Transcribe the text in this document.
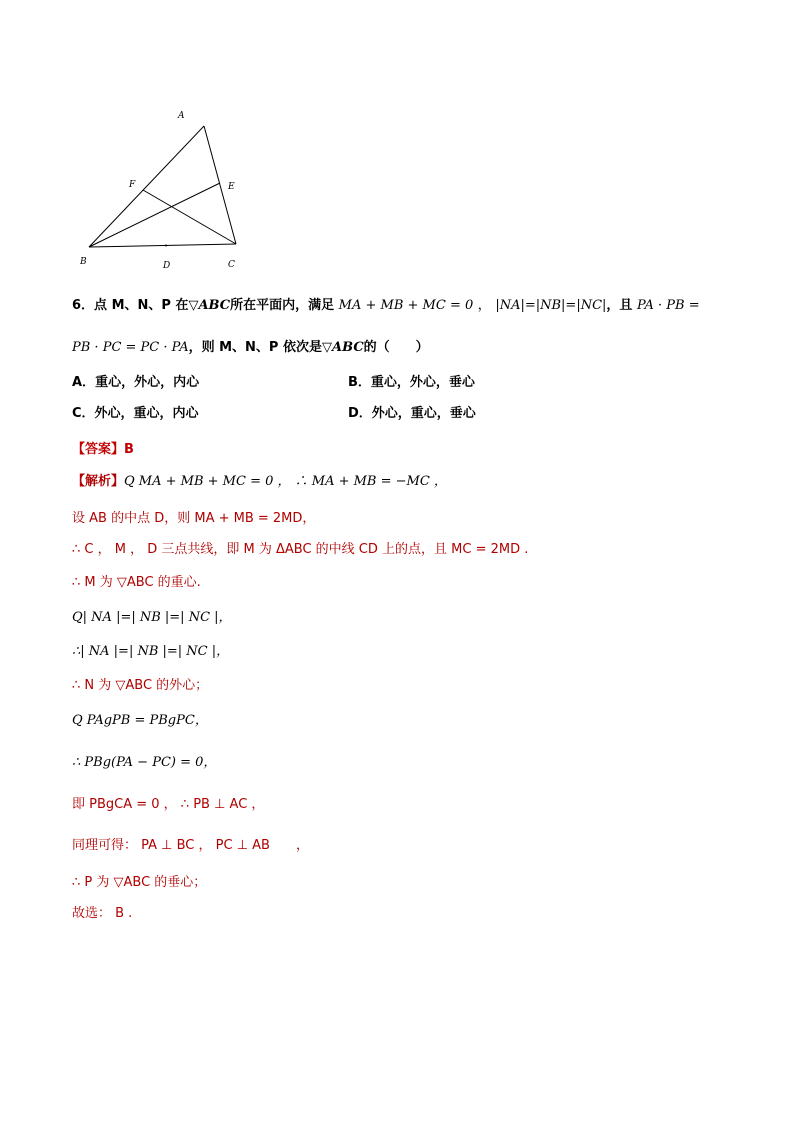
A
B	C
D
E
F
6．点 M、N、P 在▽ABC所在平面内，满足 MA + MB + MC = 0 ， |NA|=|NB|=|NC|，且 PA · PB =
PB · PC = PC · PA，则 M、N、P 依次是▽ABC的（　　）
A．重心，外心，内心	B．重心，外心，垂心
C．外心，重心，内心	D．外心，重心，垂心
【答案】B
【解析】Q MA + MB + MC = 0 ， ∴ MA + MB = −MC ，
设 AB 的中点 D，则 MA + MB = 2MD，
∴ C ， M ， D 三点共线，即 M 为 ΔABC 的中线 CD 上的点，且 MC = 2MD .
∴ M 为 ▽ABC 的重心.
Q| NA |=| NB |=| NC |，
∴| NA |=| NB |=| NC |，
∴ N 为 ▽ABC 的外心；
Q PAgPB = PBgPC，
∴ PBg(PA − PC) = 0，
即 PBgCA = 0 ， ∴ PB ⊥ AC ，
同理可得： PA ⊥ BC ， PC ⊥ AB　　，
∴ P 为 ▽ABC 的垂心；
故选： B .
